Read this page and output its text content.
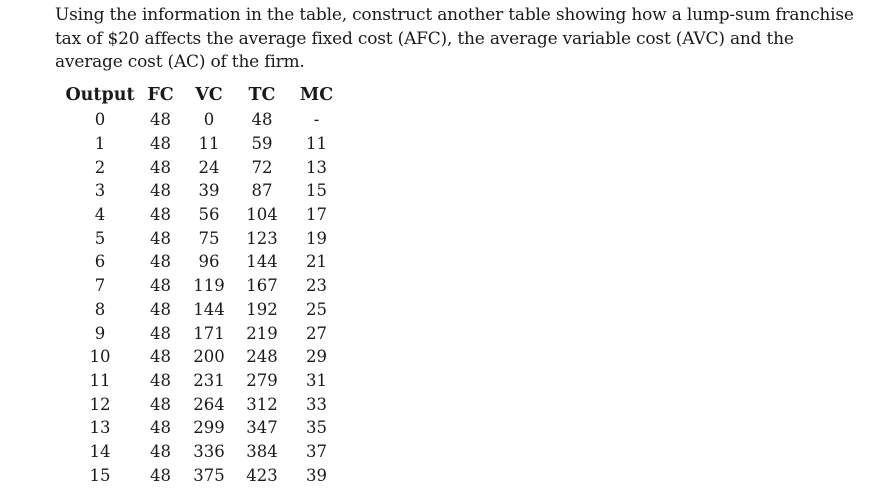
Using the information in the table, construct another table showing how a lump-sum franchise tax of $20 affects the average fixed cost (AFC), the average variable cost (AVC) and the average cost (AC) of the firm.

Output	FC	VC	TC	MC
0	48	0	48	-
1	48	11	59	11
2	48	24	72	13
3	48	39	87	15
4	48	56	104	17
5	48	75	123	19
6	48	96	144	21
7	48	119	167	23
8	48	144	192	25
9	48	171	219	27
10	48	200	248	29
11	48	231	279	31
12	48	264	312	33
13	48	299	347	35
14	48	336	384	37
15	48	375	423	39
